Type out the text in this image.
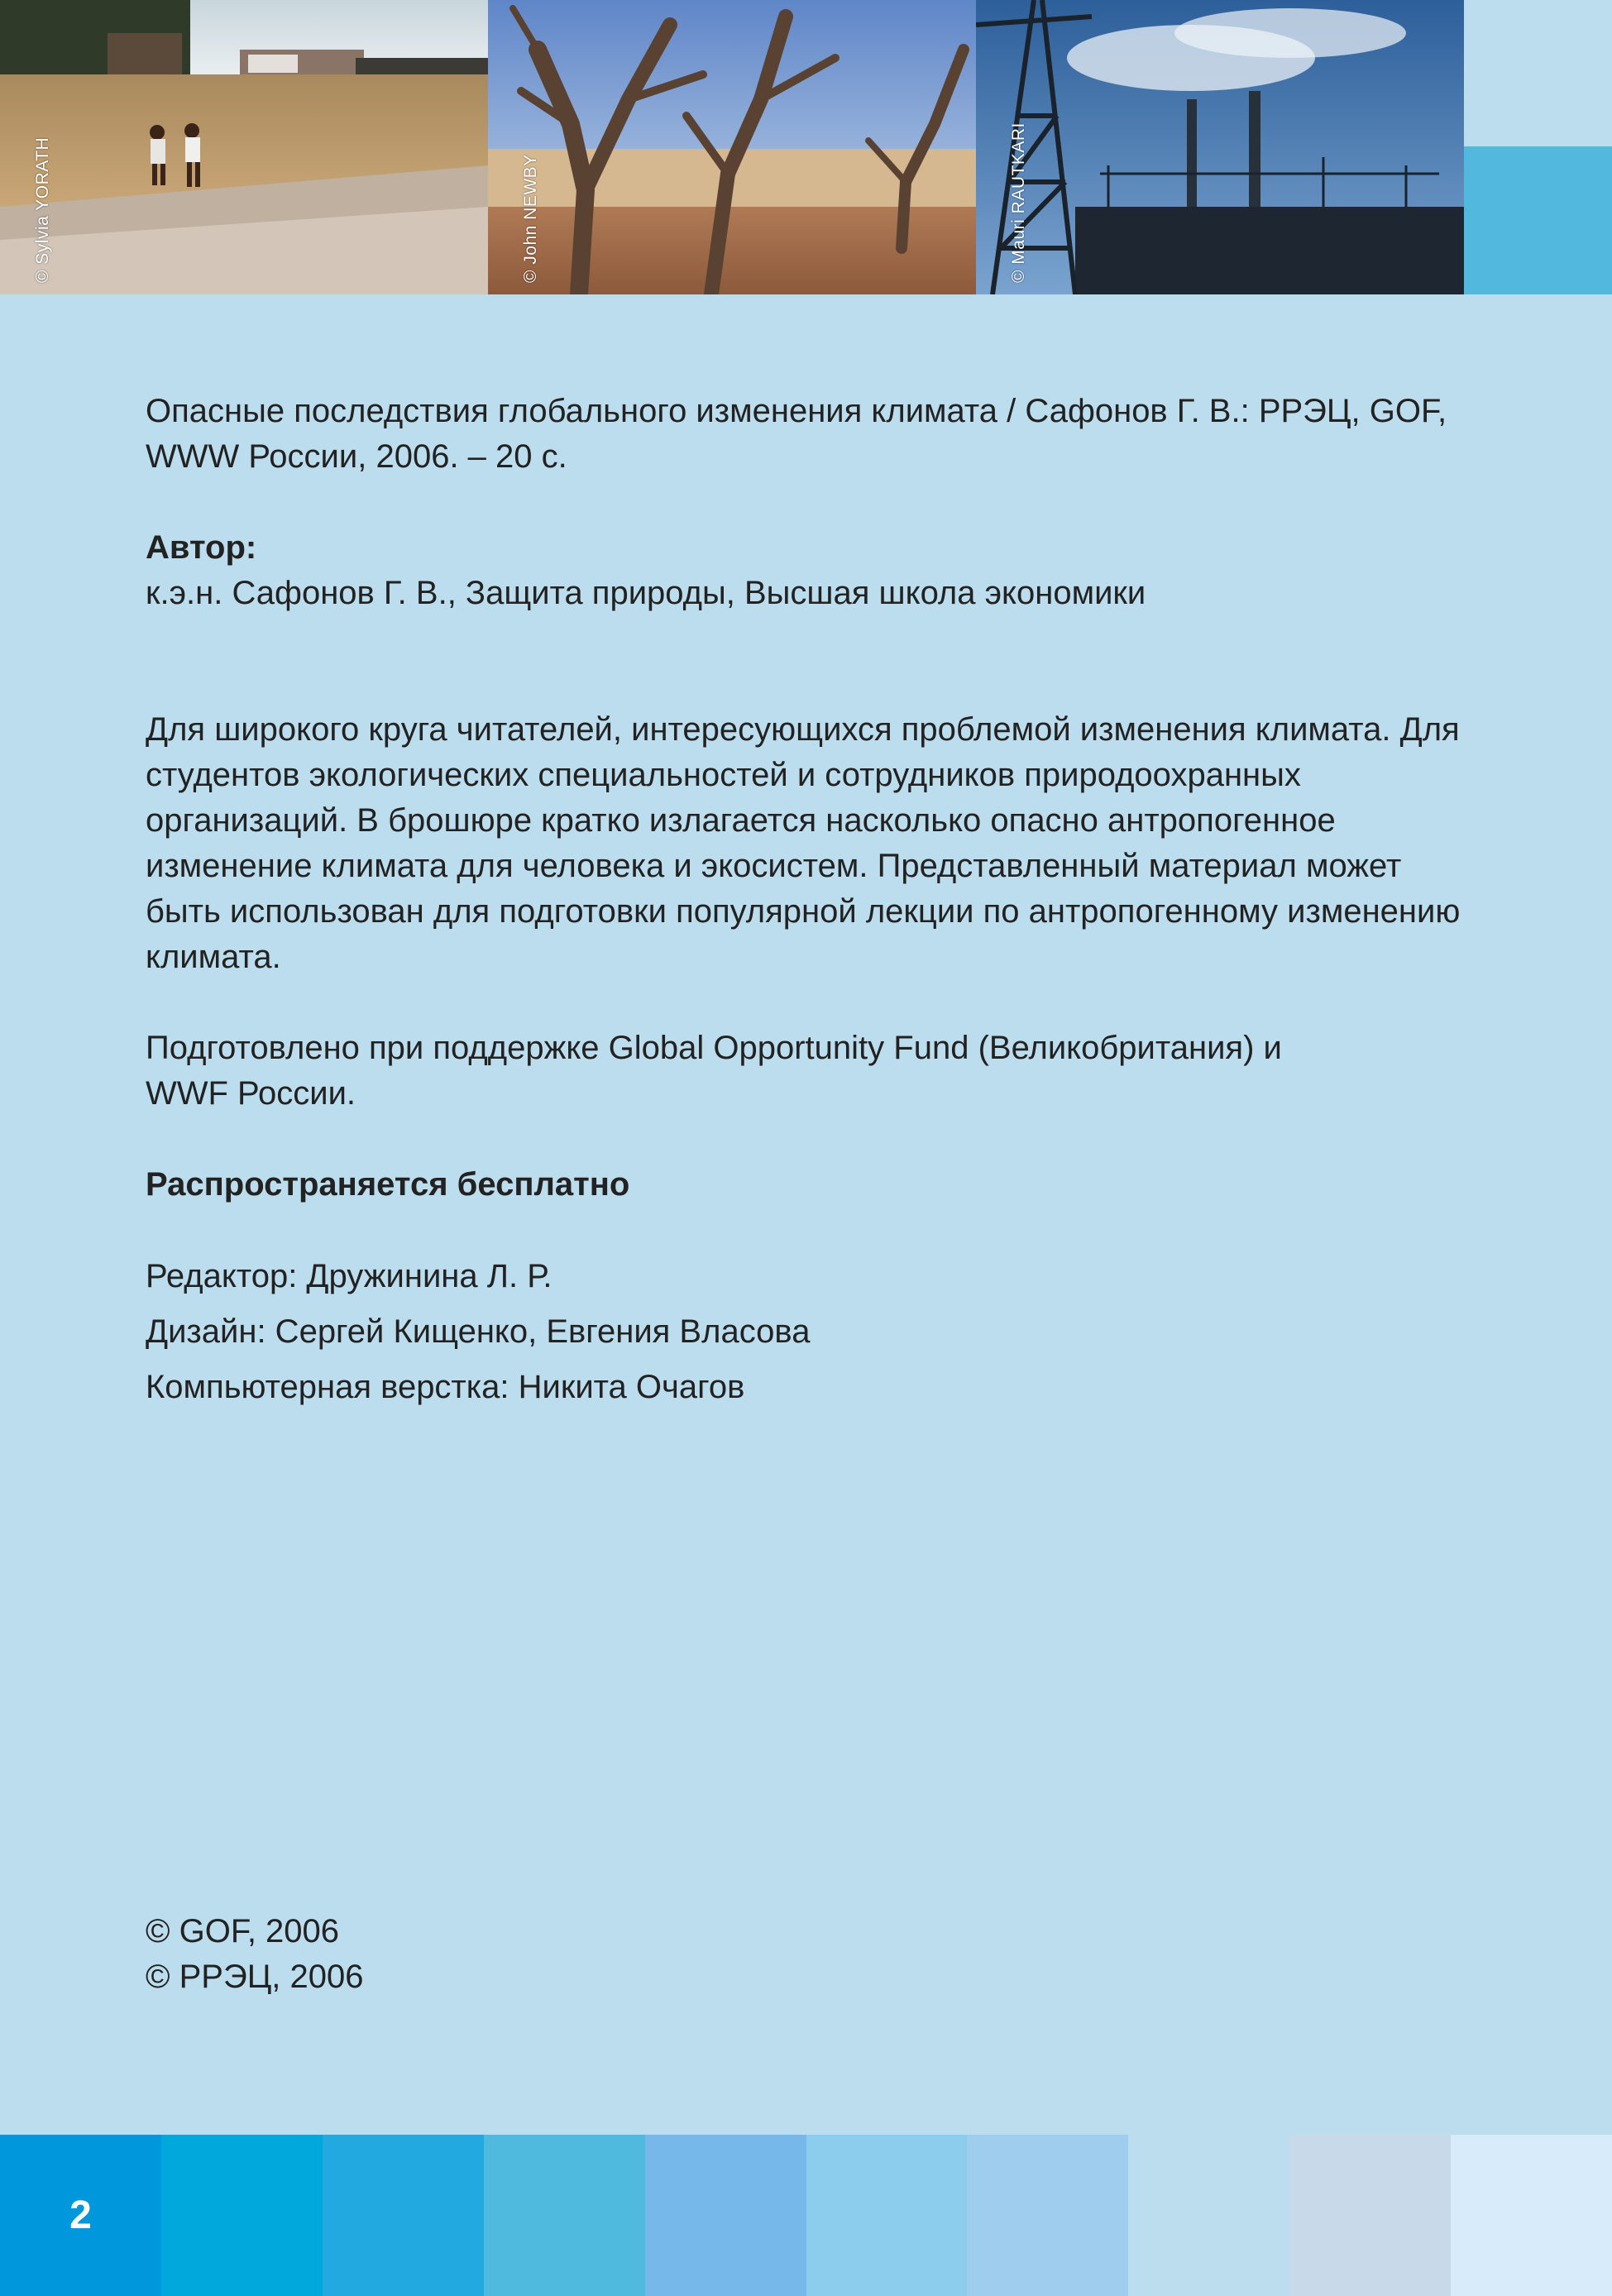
© Sylvia YORATH	© John NEWBY	© Mauri RAUTKARI

Опасные последствия глобального изменения климата / Сафонов Г. В.: РРЭЦ, GOF, WWW России, 2006. – 20 с.

Автор:

к.э.н. Сафонов Г. В., Защита природы, Высшая школа экономики

Для широкого круга читателей, интересующихся проблемой изменения климата. Для студентов экологических специальностей и сотрудников природоохранных организаций. В брошюре кратко излагается насколько опасно антропогенное изменение климата для человека и экосистем. Представленный материал может быть использован для подготовки популярной лекции по антропогенному изменению климата.

Подготовлено при поддержке Global Opportunity Fund (Великобритания) и WWF России.

Распространяется бесплатно

Редактор: Дружинина Л. Р.

Дизайн: Сергей Кищенко, Евгения Власова

Компьютерная верстка: Никита Очагов

© GOF, 2006

© РРЭЦ, 2006

2
